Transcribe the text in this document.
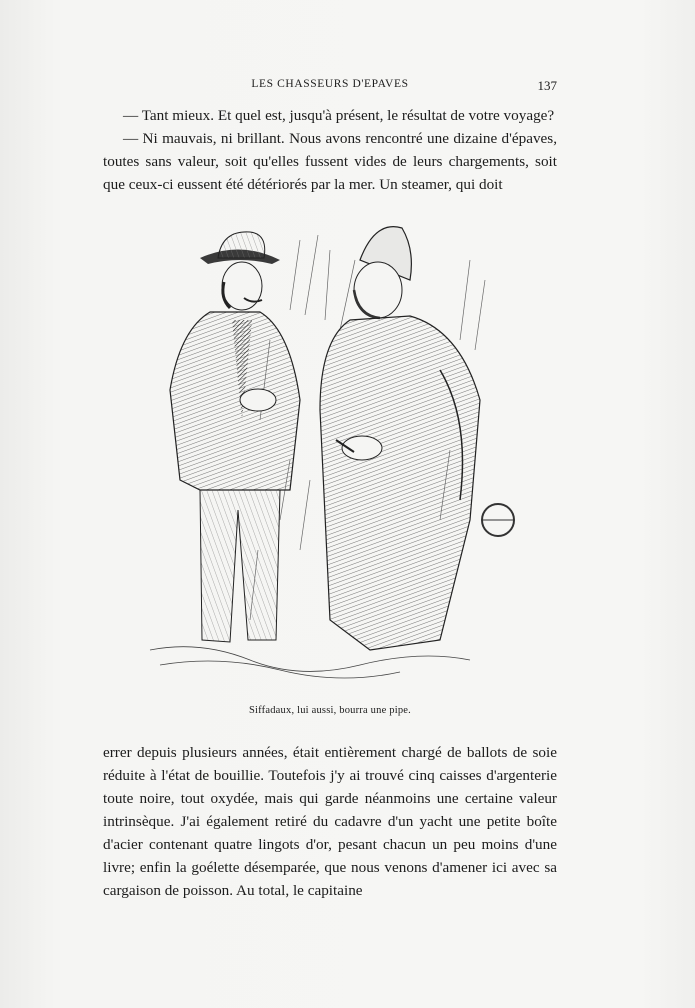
LES CHASSEURS D'EPAVES	137

— Tant mieux. Et quel est, jusqu'à présent, le résultat de votre voyage?

— Ni mauvais, ni brillant. Nous avons rencontré une dizaine d'épaves, toutes sans valeur, soit qu'elles fussent vides de leurs chargements, soit que ceux-ci eussent été détériorés par la mer. Un steamer, qui doit

Siffadaux, lui aussi, bourra une pipe.

errer depuis plusieurs années, était entièrement chargé de ballots de soie réduite à l'état de bouillie. Toutefois j'y ai trouvé cinq caisses d'argenterie toute noire, tout oxydée, mais qui garde néanmoins une certaine valeur intrinsèque. J'ai également retiré du cadavre d'un yacht une petite boîte d'acier contenant quatre lingots d'or, pesant chacun un peu moins d'une livre; enfin la goélette désemparée, que nous venons d'amener ici avec sa cargaison de poisson. Au total, le capitaine
